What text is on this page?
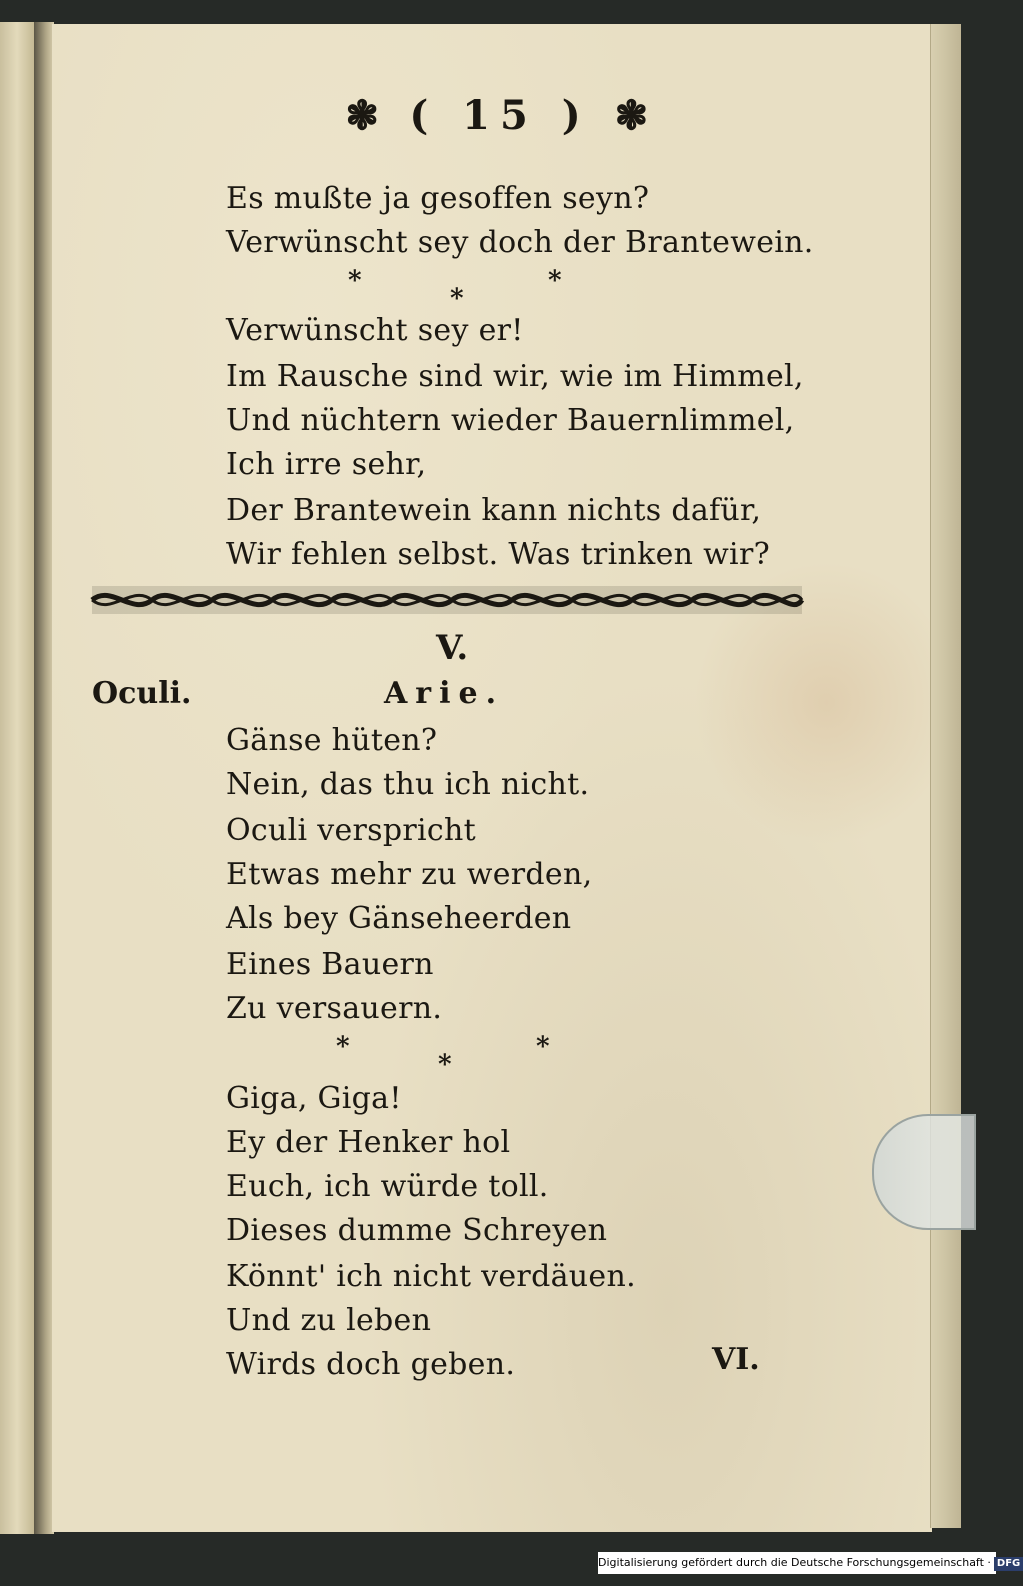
❃ ( 15 ) ❃
Es mußte ja gesoffen seyn?
Verwünscht sey doch der Brantewein.
*
*
*
Verwünscht sey er!
Im Rausche sind wir, wie im Himmel,
Und nüchtern wieder Bauernlimmel,
Ich irre sehr,
Der Brantewein kann nichts dafür,
Wir fehlen selbst. Was trinken wir?
V.
Oculi.	Arie.
Gänse hüten?
Nein, das thu ich nicht.
Oculi verspricht
Etwas mehr zu werden,
Als bey Gänseheerden
Eines Bauern
Zu versauern.
*
*
*
Giga, Giga!
Ey der Henker hol
Euch, ich würde toll.
Dieses dumme Schreyen
Könnt' ich nicht verdäuen.
Und zu leben
Wirds doch geben.	VI.
Digitalisierung gefördert durch die Deutsche Forschungsgemeinschaft · DFG
